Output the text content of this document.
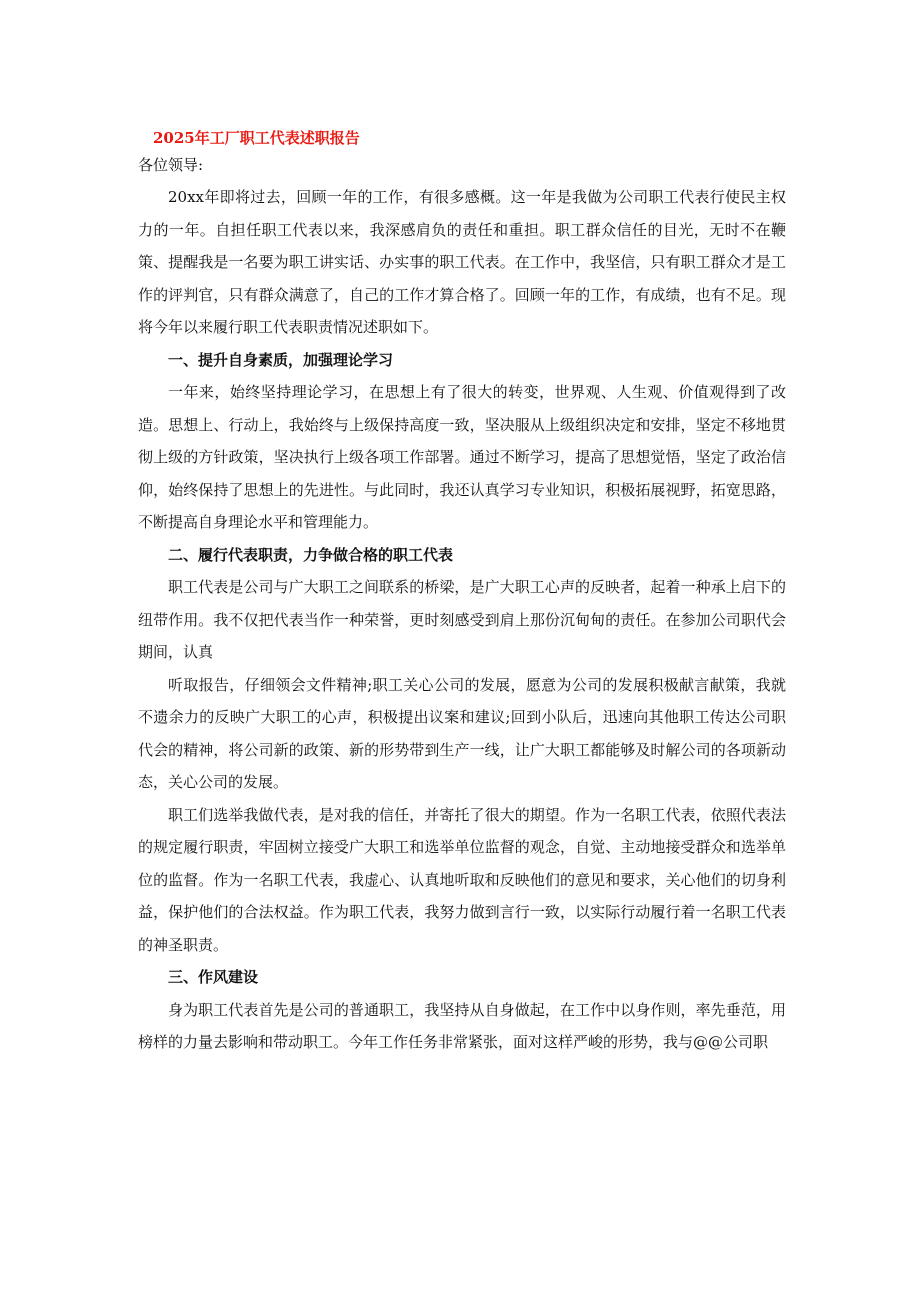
2025年工厂职工代表述职报告

各位领导:

20xx年即将过去，回顾一年的工作，有很多感概。这一年是我做为公司职工代表行使民主权力的一年。自担任职工代表以来，我深感肩负的责任和重担。职工群众信任的目光，无时不在鞭策、提醒我是一名要为职工讲实话、办实事的职工代表。在工作中，我坚信，只有职工群众才是工作的评判官，只有群众满意了，自己的工作才算合格了。回顾一年的工作，有成绩，也有不足。现将今年以来履行职工代表职责情况述职如下。

一、提升自身素质，加强理论学习

一年来，始终坚持理论学习，在思想上有了很大的转变，世界观、人生观、价值观得到了改造。思想上、行动上，我始终与上级保持高度一致，坚决服从上级组织决定和安排，坚定不移地贯彻上级的方针政策，坚决执行上级各项工作部署。通过不断学习，提高了思想觉悟，坚定了政治信仰，始终保持了思想上的先进性。与此同时，我还认真学习专业知识，积极拓展视野，拓宽思路，不断提高自身理论水平和管理能力。

二、履行代表职责，力争做合格的职工代表

职工代表是公司与广大职工之间联系的桥梁，是广大职工心声的反映者，起着一种承上启下的纽带作用。我不仅把代表当作一种荣誉，更时刻感受到肩上那份沉甸甸的责任。在参加公司职代会期间，认真

听取报告，仔细领会文件精神;职工关心公司的发展，愿意为公司的发展积极献言献策，我就不遗余力的反映广大职工的心声，积极提出议案和建议;回到小队后，迅速向其他职工传达公司职代会的精神，将公司新的政策、新的形势带到生产一线，让广大职工都能够及时解公司的各项新动态，关心公司的发展。

职工们选举我做代表，是对我的信任，并寄托了很大的期望。作为一名职工代表，依照代表法的规定履行职责，牢固树立接受广大职工和选举单位监督的观念，自觉、主动地接受群众和选举单位的监督。作为一名职工代表，我虚心、认真地听取和反映他们的意见和要求，关心他们的切身利益，保护他们的合法权益。作为职工代表，我努力做到言行一致，以实际行动履行着一名职工代表的神圣职责。

三、作风建设

身为职工代表首先是公司的普通职工，我坚持从自身做起，在工作中以身作则，率先垂范，用榜样的力量去影响和带动职工。今年工作任务非常紧张，面对这样严峻的形势，我与@@公司职
